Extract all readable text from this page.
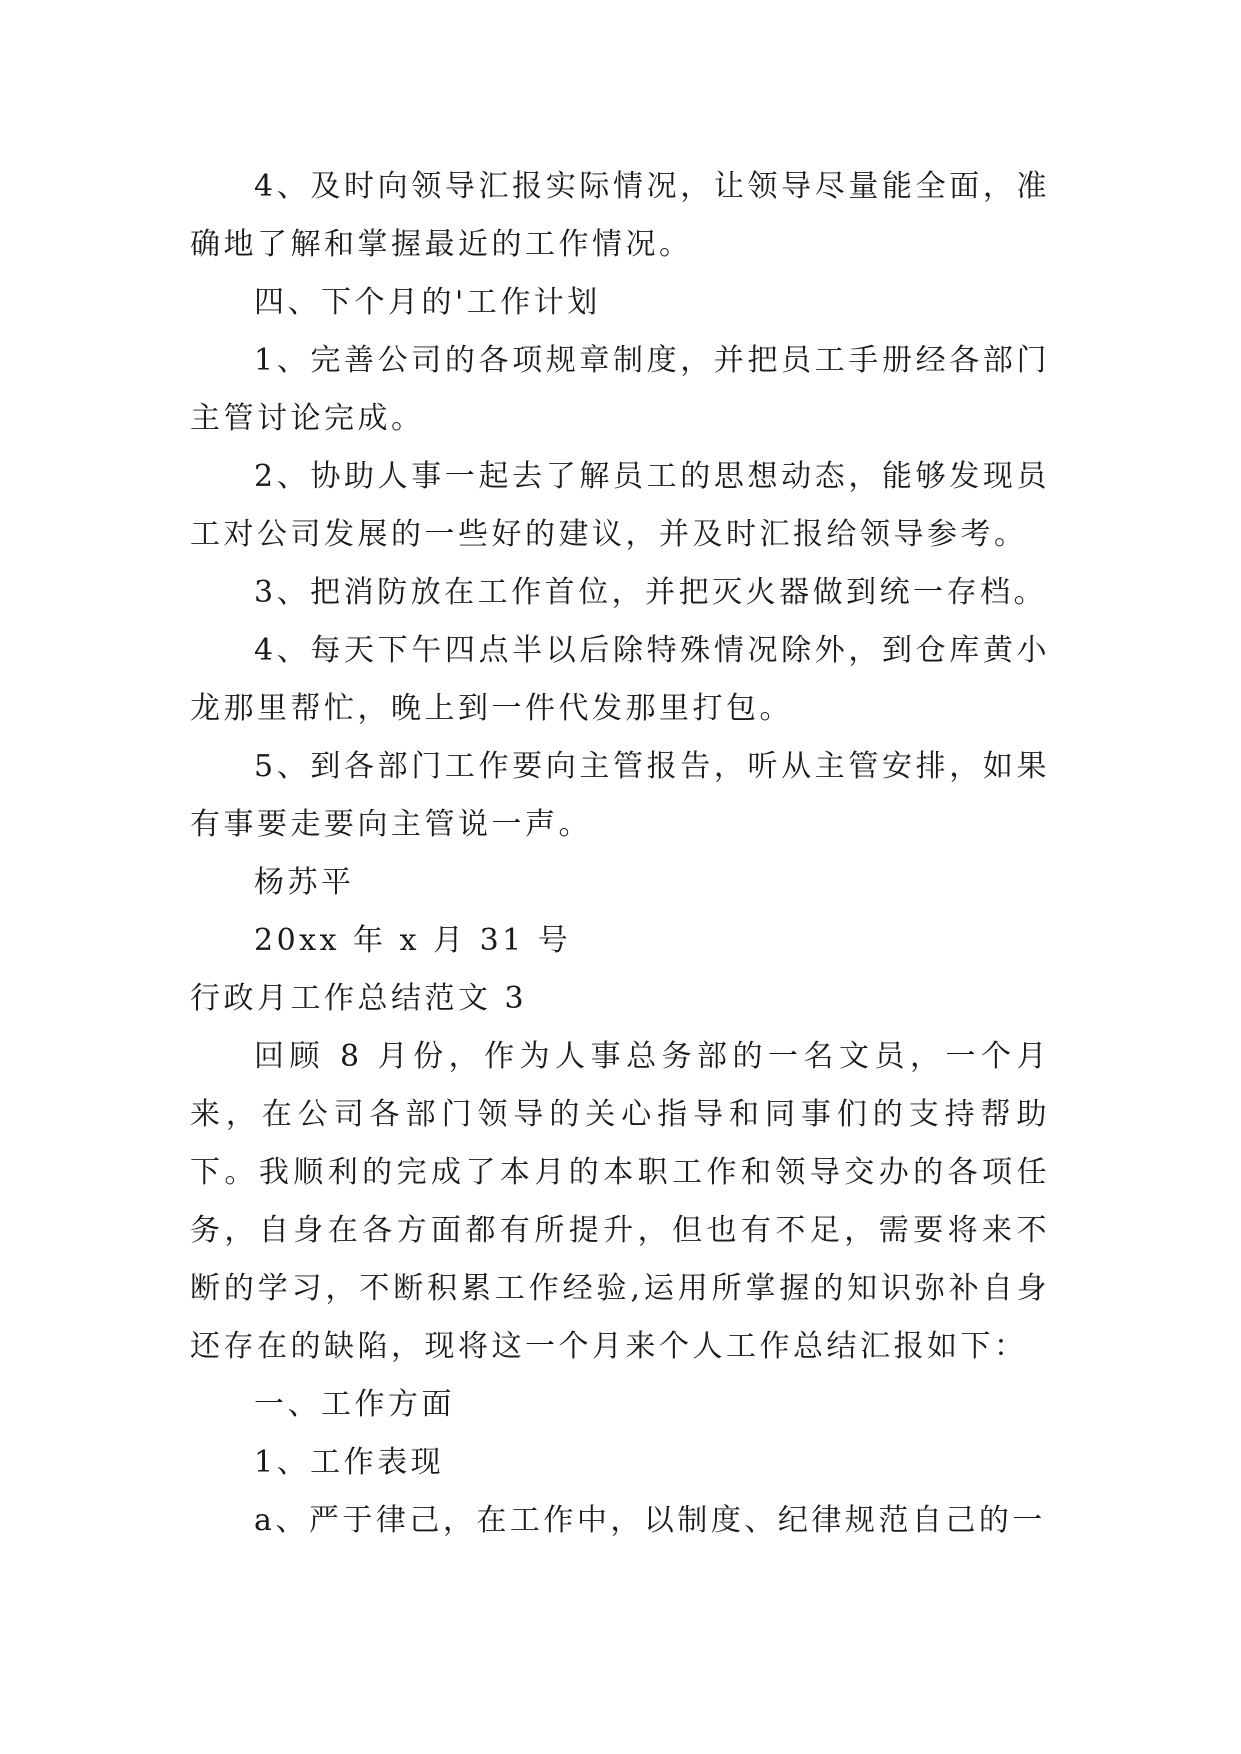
4、及时向领导汇报实际情况，让领导尽量能全面，准确地了解和掌握最近的工作情况。

四、下个月的'工作计划

1、完善公司的各项规章制度，并把员工手册经各部门主管讨论完成。

2、协助人事一起去了解员工的思想动态，能够发现员工对公司发展的一些好的建议，并及时汇报给领导参考。

3、把消防放在工作首位，并把灭火器做到统一存档。

4、每天下午四点半以后除特殊情况除外，到仓库黄小龙那里帮忙，晚上到一件代发那里打包。

5、到各部门工作要向主管报告，听从主管安排，如果有事要走要向主管说一声。

杨苏平

20xx 年 x 月 31 号

行政月工作总结范文 3

回顾 8 月份，作为人事总务部的一名文员，一个月来，在公司各部门领导的关心指导和同事们的支持帮助下。我顺利的完成了本月的本职工作和领导交办的各项任务，自身在各方面都有所提升，但也有不足，需要将来不断的学习，不断积累工作经验,运用所掌握的知识弥补自身还存在的缺陷，现将这一个月来个人工作总结汇报如下：

一、工作方面

1、工作表现

a、严于律己，在工作中，以制度、纪律规范自己的一
